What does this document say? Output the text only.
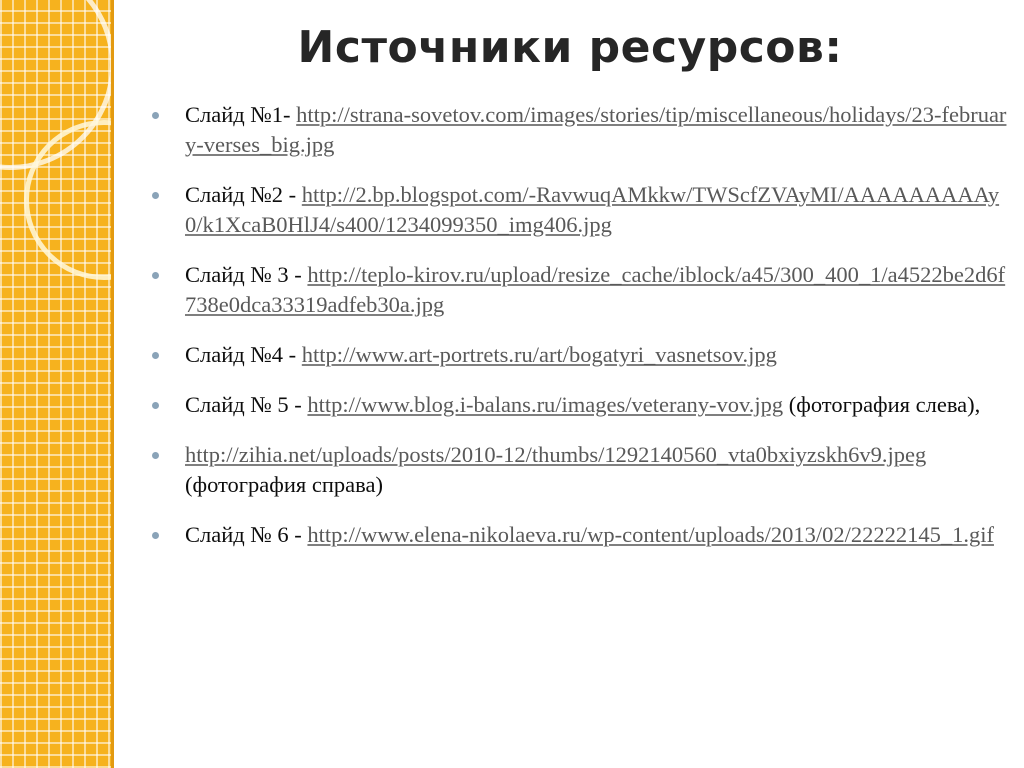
Источники ресурсов:
Слайд №1- http://strana-sovetov.com/images/stories/tip/miscellaneous/holidays/23-february-verses_big.jpg
Слайд №2 - http://2.bp.blogspot.com/-RavwuqAMkkw/TWScfZVAyMI/AAAAAAAAAy0/k1XcaB0HlJ4/s400/1234099350_img406.jpg
Слайд № 3 - http://teplo-kirov.ru/upload/resize_cache/iblock/a45/300_400_1/a4522be2d6f738e0dca33319adfeb30a.jpg
Слайд №4 - http://www.art-portrets.ru/art/bogatyri_vasnetsov.jpg
Слайд № 5 - http://www.blog.i-balans.ru/images/veterany-vov.jpg (фотография слева),
http://zihia.net/uploads/posts/2010-12/thumbs/1292140560_vta0bxiyzskh6v9.jpeg (фотография справа)
Слайд № 6 - http://www.elena-nikolaeva.ru/wp-content/uploads/2013/02/22222145_1.gif
